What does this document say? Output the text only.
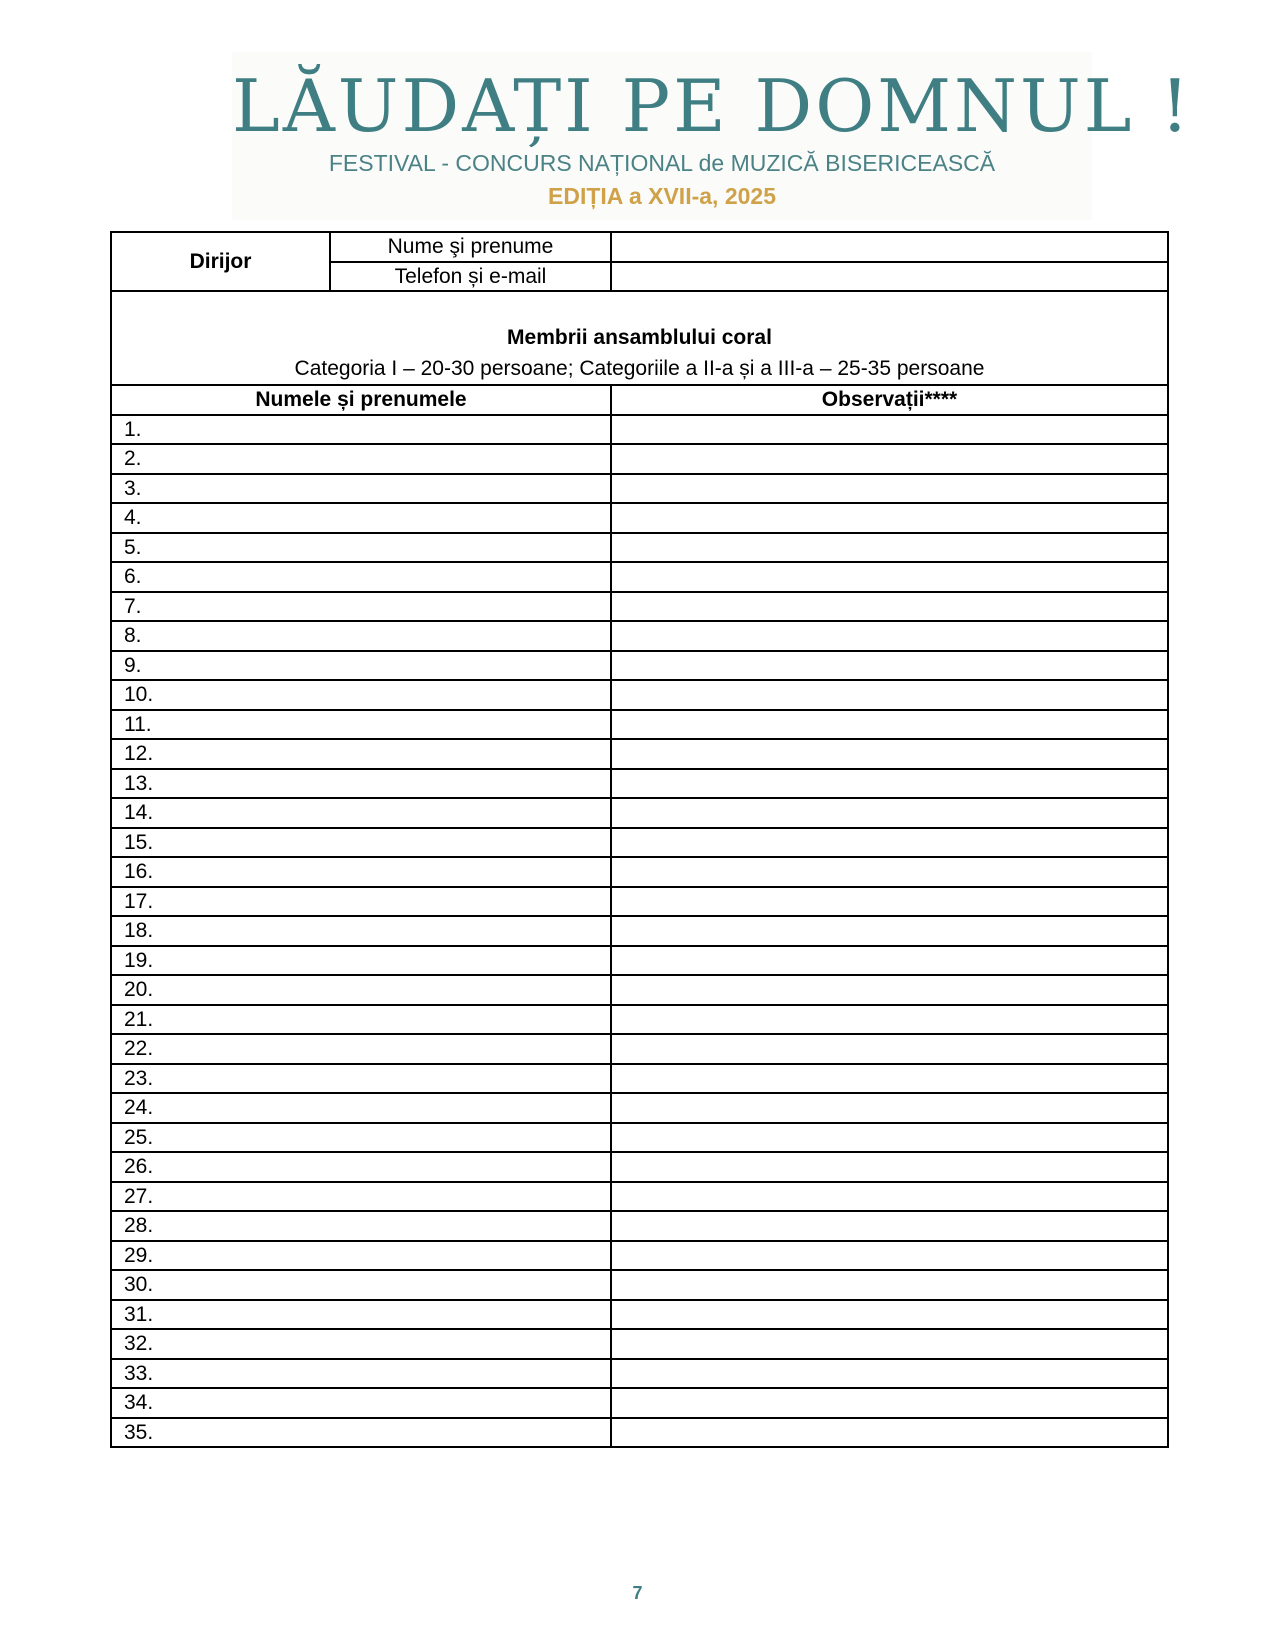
LĂUDAȚI PE DOMNUL !
FESTIVAL - CONCURS NAȚIONAL de MUZICĂ BISERICEASCĂ
EDIȚIA a XVII-a, 2025
Dirijor	Nume şi prenume	
	Telefon și e-mail	

Membrii ansamblului coral
Categoria I – 20-30 persoane; Categoriile a II-a și a III-a – 25-35 persoane		

Numele și prenumele		Observații****
1.		
2.		
3.		
4.		
5.		
6.		
7.		
8.		
9.		
10.		
11.		
12.		
13.		
14.		
15.		
16.		
17.		
18.		
19.		
20.		
21.		
22.		
23.		
24.		
25.		
26.		
27.		
28.		
29.		
30.		
31.		
32.		
33.		
34.		
35.		
7
